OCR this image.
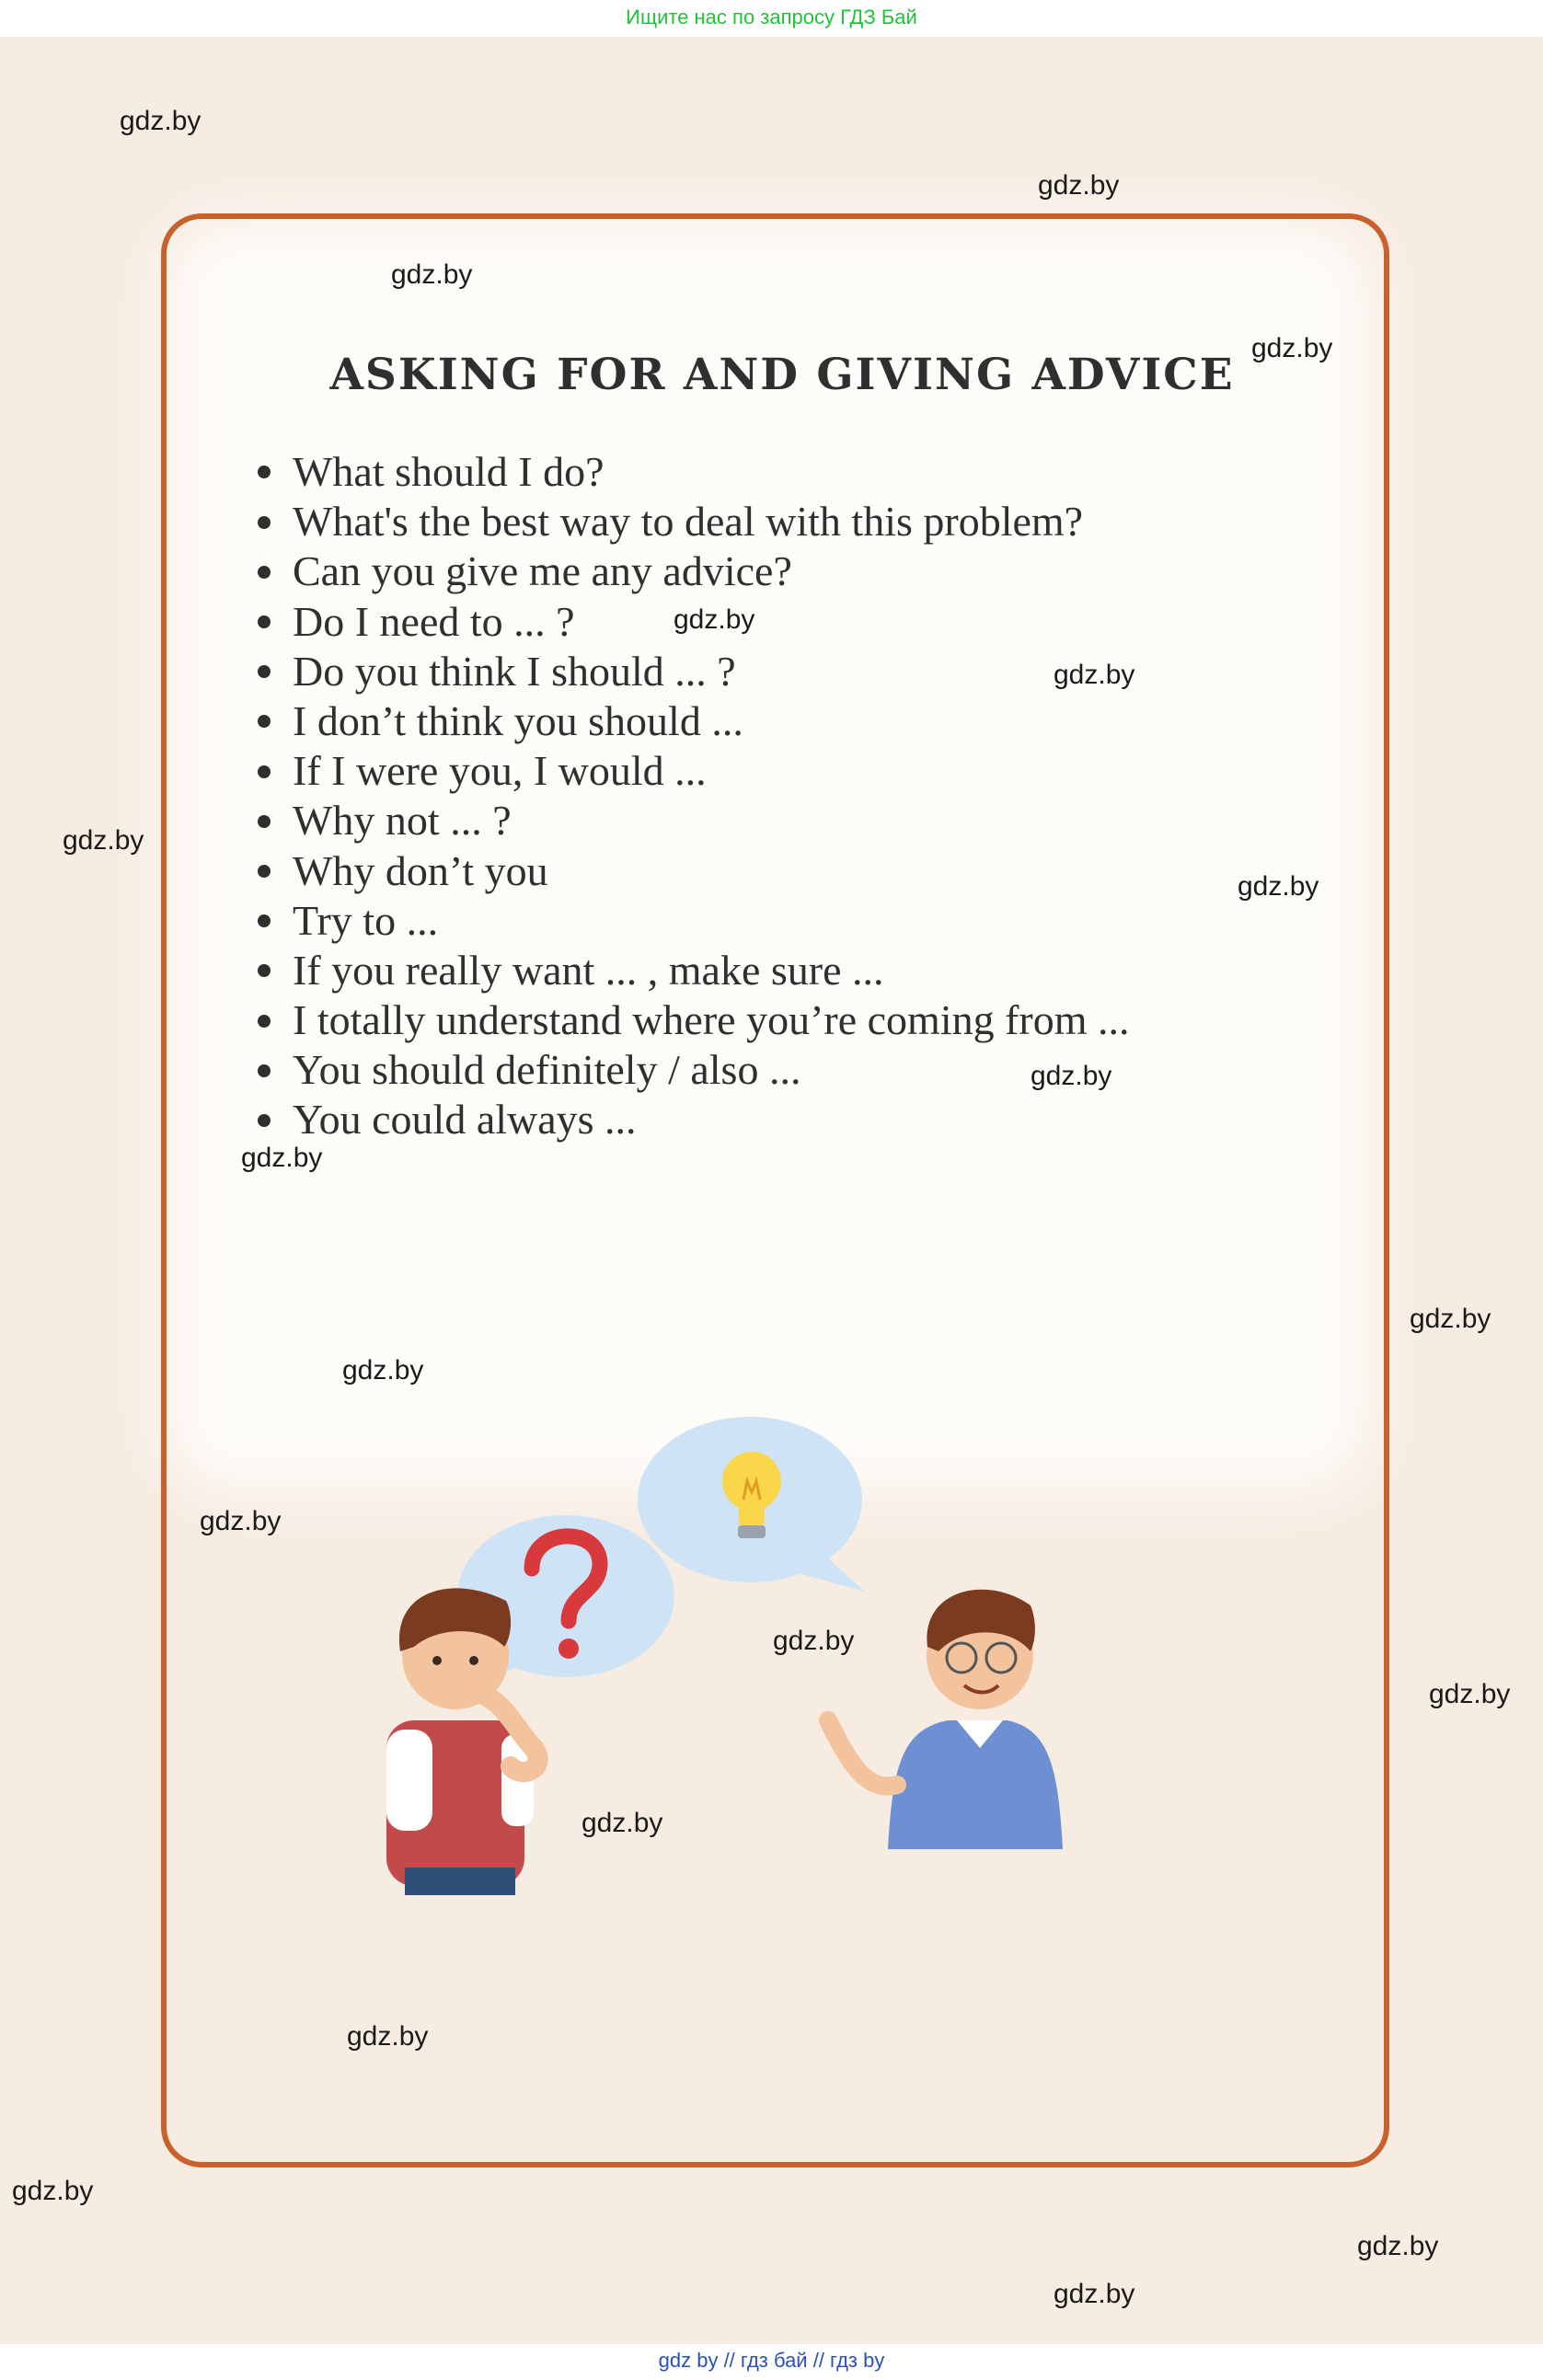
Ищите нас по запросу ГДЗ Бай
ASKING FOR AND GIVING ADVICE
What should I do?
What's the best way to deal with this problem?
Can you give me any advice?
Do I need to ... ?
Do you think I should ... ?
I don’t think you should ...
If I were you, I would ...
Why not ... ?
Why don’t you
Try to ...
If you really want ... , make sure ...
I totally understand where you’re coming from ...
You should definitely / also ...
You could always ...
gdz.by
gdz.by
gdz.by
gdz.by
gdz.by
gdz.by
gdz.by
gdz.by
gdz.by
gdz.by
gdz.by
gdz.by
gdz.by
gdz.by
gdz.by
gdz.by
gdz.by
gdz.by
gdz.by
gdz.by
gdz by // гдз бай // гдз by
